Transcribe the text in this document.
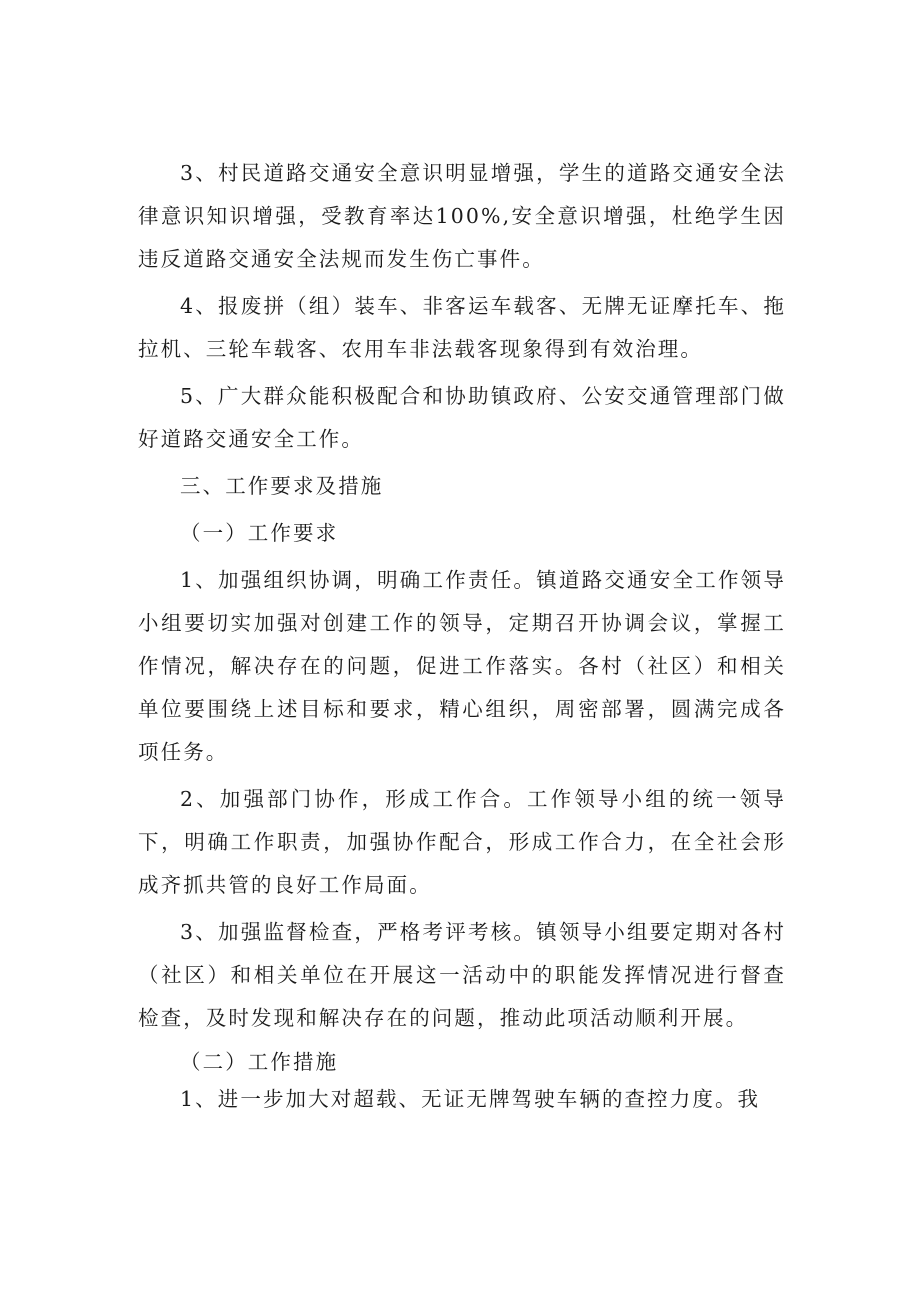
3、村民道路交通安全意识明显增强，学生的道路交通安全法律意识知识增强，受教育率达100%,安全意识增强，杜绝学生因违反道路交通安全法规而发生伤亡事件。

4、报废拼（组）装车、非客运车载客、无牌无证摩托车、拖拉机、三轮车载客、农用车非法载客现象得到有效治理。

5、广大群众能积极配合和协助镇政府、公安交通管理部门做好道路交通安全工作。

三、工作要求及措施

（一）工作要求

1、加强组织协调，明确工作责任。镇道路交通安全工作领导小组要切实加强对创建工作的领导，定期召开协调会议，掌握工作情况，解决存在的问题，促进工作落实。各村（社区）和相关单位要围绕上述目标和要求，精心组织，周密部署，圆满完成各项任务。

2、加强部门协作，形成工作合。工作领导小组的统一领导下，明确工作职责，加强协作配合，形成工作合力，在全社会形成齐抓共管的良好工作局面。

3、加强监督检查，严格考评考核。镇领导小组要定期对各村（社区）和相关单位在开展这一活动中的职能发挥情况进行督查检查，及时发现和解决存在的问题，推动此项活动顺利开展。

（二）工作措施

1、进一步加大对超载、无证无牌驾驶车辆的查控力度。我
